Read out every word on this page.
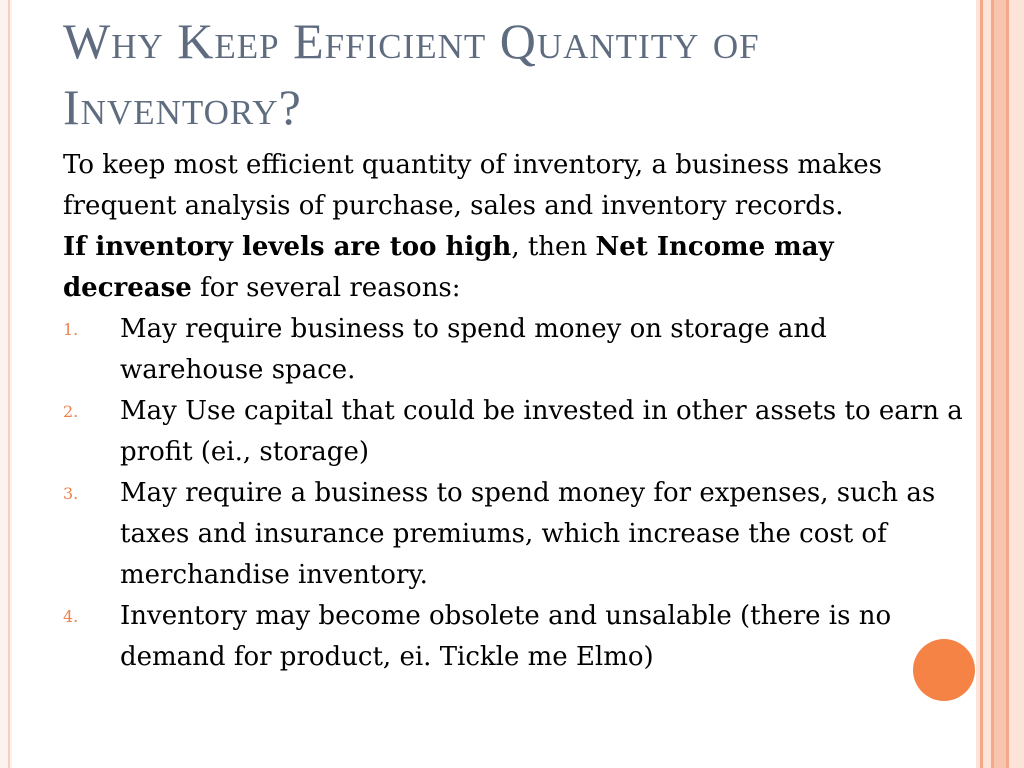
Why Keep Efficient Quantity of Inventory?

To keep most efficient quantity of inventory, a business makes frequent analysis of purchase, sales and inventory records.

If inventory levels are too high, then Net Income may decrease for several reasons:

1. May require business to spend money on storage and warehouse space.
2. May Use capital that could be invested in other assets to earn a profit (ei., storage)
3. May require a business to spend money for expenses, such as taxes and insurance premiums, which increase the cost of merchandise inventory.
4. Inventory may become obsolete and unsalable (there is no demand for product, ei. Tickle me Elmo)
